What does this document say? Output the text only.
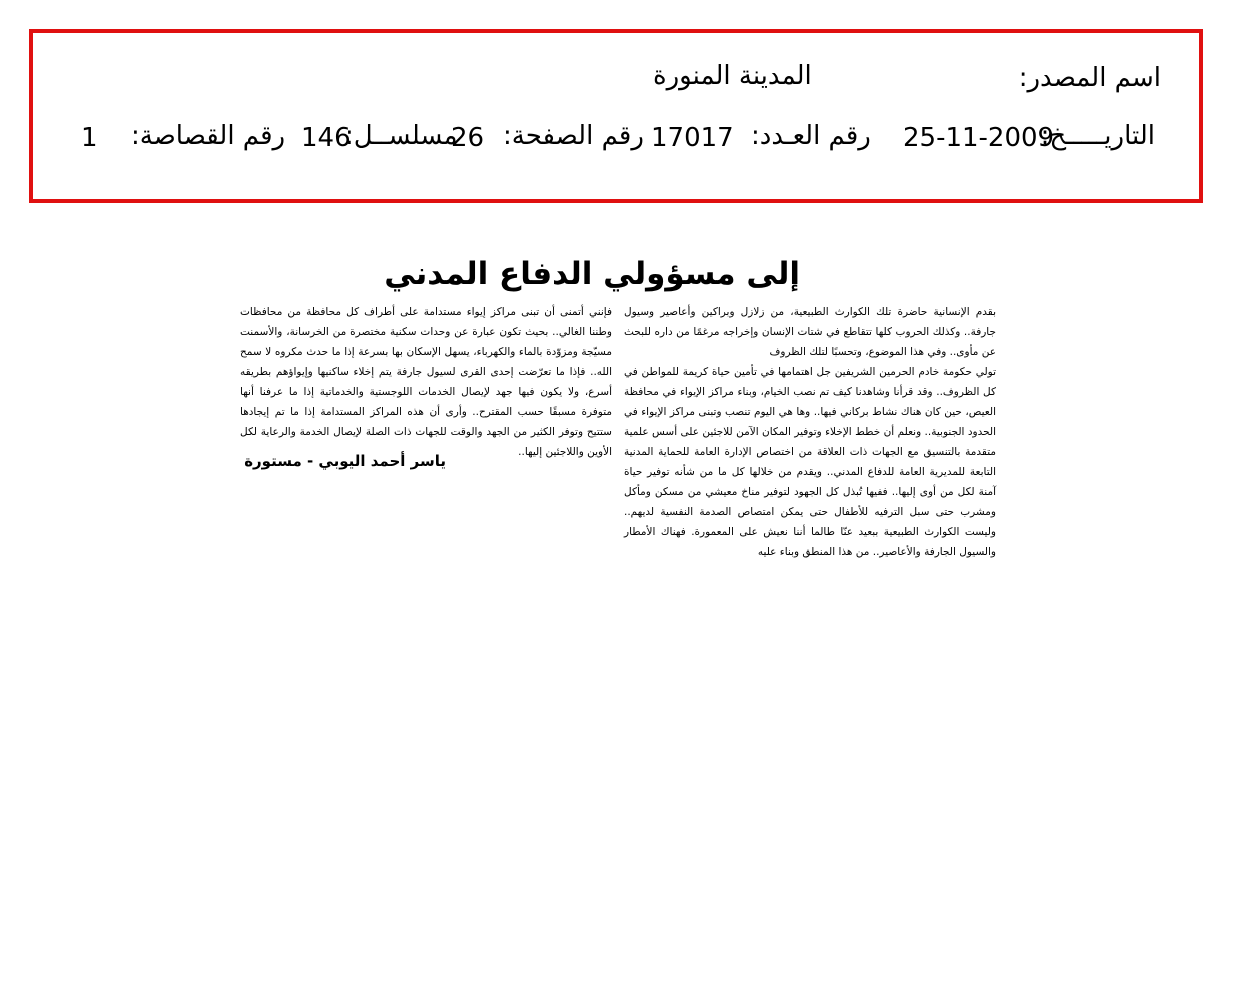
اسم المصدر:
المدينة المنورة
التاريـــــخ:
25-11-2009
رقم العـدد:
17017
رقم الصفحة:
26
مسلســل:
146
رقم القصاصة:
1
إلى مسؤولي الدفاع المدني

بقدم الإنسانية حاضرة تلك الكوارث الطبيعية، من زلازل وبراكين وأعاصير وسيول جارفة.. وكذلك الحروب كلها تتقاطع في شتات الإنسان وإخراجه مرغمًا من داره للبحث عن مأوى.. وفي هذا الموضوع، وتحسبًا لتلك الظروف

تولي حكومة خادم الحرمين الشريفين جل اهتمامها في تأمين حياة كريمة للمواطن في كل الظروف.. وقد قرأنا وشاهدنا كيف تم نصب الخيام، وبناء مراكز الإيواء في محافظة العيص، حين كان هناك نشاط بركاني فيها.. وها هي اليوم تنصب وتبنى مراكز الإيواء في الحدود الجنوبية.. ونعلم أن خطط الإخلاء وتوفير المكان الآمن للاجئين على أسس علمية متقدمة بالتنسيق مع الجهات ذات العلاقة من اختصاص الإدارة العامة للحماية المدنية التابعة للمديرية العامة للدفاع المدني.. ويقدم من خلالها كل ما من شأنه توفير حياة آمنة لكل من أوى إليها.. ففيها تُبذل كل الجهود لتوفير مناخ معيشي من مسكن ومأكل ومشرب حتى سبل الترفيه للأطفال حتى يمكن امتصاص الصدمة النفسية لديهم.. وليست الكوارث الطبيعية ببعيد عنّا طالما أننا نعيش على المعمورة. فهناك الأمطار والسيول الجارفة والأعاصير.. من هذا المنطق وبناء عليه

فإنني أتمنى أن تبنى مراكز إيواء مستدامة على أطراف كل محافظة من محافظات وطننا الغالي.. بحيث تكون عبارة عن وحدات سكنية مختصرة من الخرسانة، والأسمنت مسيّجة ومزوّدة بالماء والكهرباء، يسهل الإسكان بها بسرعة إذا ما حدث مكروه لا سمح الله.. فإذا ما تعرّضت إحدى القرى لسيول جارفة يتم إخلاء ساكنيها وإيواؤهم بطريقه أسرع، ولا يكون فيها جهد لإيصال الخدمات اللوجستية والخدماتية إذا ما عرفنا أنها متوفرة مسبقًا حسب المقترح.. وأرى أن هذه المراكز المستدامة إذا ما تم إيجادها ستتيح وتوفر الكثير من الجهد والوقت للجهات ذات الصلة لإيصال الخدمة والرعاية لكل الأوين واللاجئين إليها..

ياسر أحمد اليوبي - مستورة
